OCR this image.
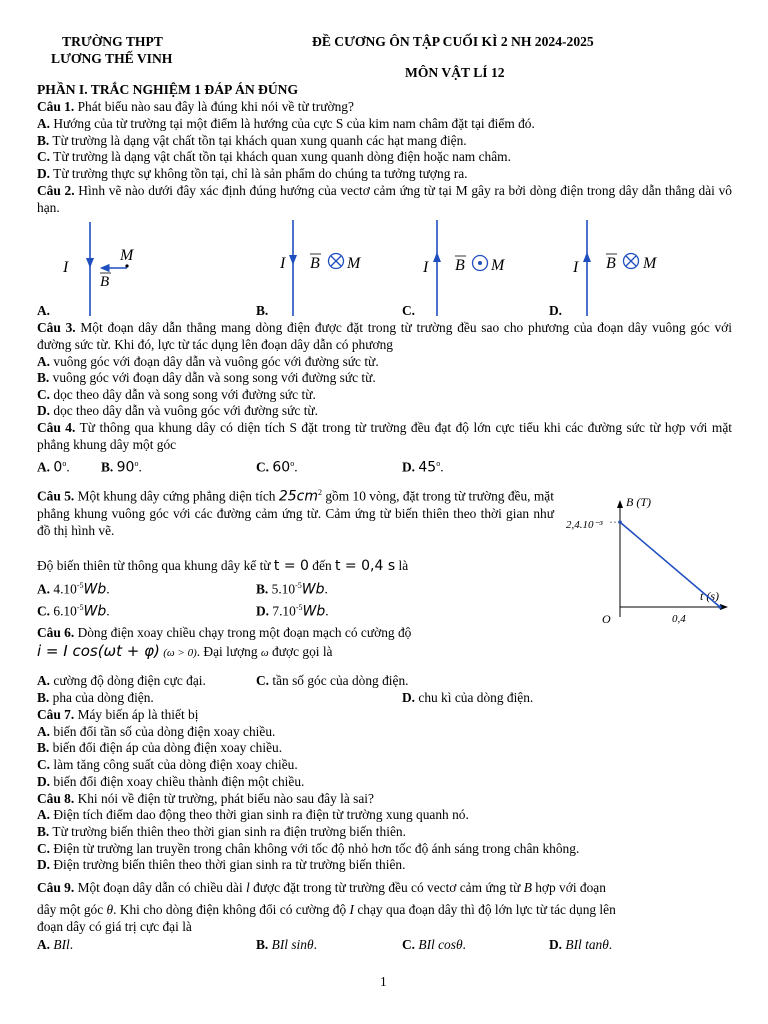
TRƯỜNG THPT
LƯƠNG THẾ VINH
ĐỀ CƯƠNG ÔN TẬP CUỐI KÌ 2 NH 2024-2025
MÔN VẬT LÍ 12
PHẦN I. TRẮC NGHIỆM 1 ĐÁP ÁN ĐÚNG
Câu 1. Phát biểu nào sau đây là đúng khi nói về từ trường?
A. Hướng của từ trường tại một điểm là hướng của cực S của kim nam châm đặt tại điểm đó.
B. Từ trường là dạng vật chất tồn tại khách quan xung quanh các hạt mang điện.
C. Từ trường là dạng vật chất tồn tại khách quan xung quanh dòng điện hoặc nam châm.
D. Từ trường thực sự không tồn tại, chỉ là sản phẩm do chúng ta tưởng tượng ra.
Câu 2. Hình vẽ nào dưới đây xác định đúng hướng của vectơ cảm ứng từ tại M gây ra bởi dòng điện trong dây dẫn thẳng dài vô hạn.
I
M
B
I B M	I B M	I B M
A.	B.	C.	D.
Câu 3. Một đoạn dây dẫn thẳng mang dòng điện được đặt trong từ trường đều sao cho phương của đoạn dây vuông góc với đường sức từ. Khi đó, lực từ tác dụng lên đoạn dây dẫn có phương
A. vuông góc với đoạn dây dẫn và vuông góc với đường sức từ.
B. vuông góc với đoạn dây dẫn và song song với đường sức từ.
C. dọc theo dây dẫn và song song với đường sức từ.
D. dọc theo dây dẫn và vuông góc với đường sức từ.
Câu 4. Từ thông qua khung dây có diện tích S đặt trong từ trường đều đạt độ lớn cực tiểu khi các đường sức từ hợp với mặt phẳng khung dây một góc
A. 0$^o$. B. 90$^o$.	C. 60$^o$.	D. 45$^o$.
Câu 5. Một khung dây cứng phẳng diện tích $25cm^2$ gồm 10 vòng, đặt trong từ trường đều, mặt phẳng khung vuông góc với các đường cảm ứng từ. Cảm ứng từ biến thiên theo thời gian như đồ thị hình vẽ.
Độ biến thiên từ thông qua khung dây kể từ t = 0 đến t = 0,4 s là
A. $4.10^{-5}Wb$.	B. $5.10^{-5}Wb$.
C. $6.10^{-5}Wb$.	D. $7.10^{-5}Wb$.
B (T)
t (s)
O
2,4.10⁻³
0,4
Câu 6. Dòng điện xoay chiều chạy trong một đoạn mạch có cường độ
i = I cos(ωt + φ) (ω > 0). Đại lượng ω được gọi là
A. cường độ dòng điện cực đại.	C. tần số góc của dòng điện.
B. pha của dòng điện.	D. chu kì của dòng điện.
Câu 7. Máy biến áp là thiết bị
A. biến đổi tần số của dòng điện xoay chiều.
B. biến đổi điện áp của dòng điện xoay chiều.
C. làm tăng công suất của dòng điện xoay chiều.
D. biến đổi điện xoay chiều thành điện một chiều.
Câu 8. Khi nói về điện từ trường, phát biểu nào sau đây là sai?
A. Điện tích điểm dao động theo thời gian sinh ra điện từ trường xung quanh nó.
B. Từ trường biến thiên theo thời gian sinh ra điện trường biến thiên.
C. Điện từ trường lan truyền trong chân không với tốc độ nhỏ hơn tốc độ ánh sáng trong chân không.
D. Điện trường biến thiên theo thời gian sinh ra từ trường biến thiên.
Câu 9. Một đoạn dây dẫn có chiều dài l được đặt trong từ trường đều có vectơ cảm ứng từ B hợp với đoạn
dây một góc θ. Khi cho dòng điện không đổi có cường độ I chạy qua đoạn dây thì độ lớn lực từ tác dụng lên
đoạn dây có giá trị cực đại là
A. BIl.	B. BIl sinθ.	C. BIl cosθ.	D. BIl tanθ.
1
